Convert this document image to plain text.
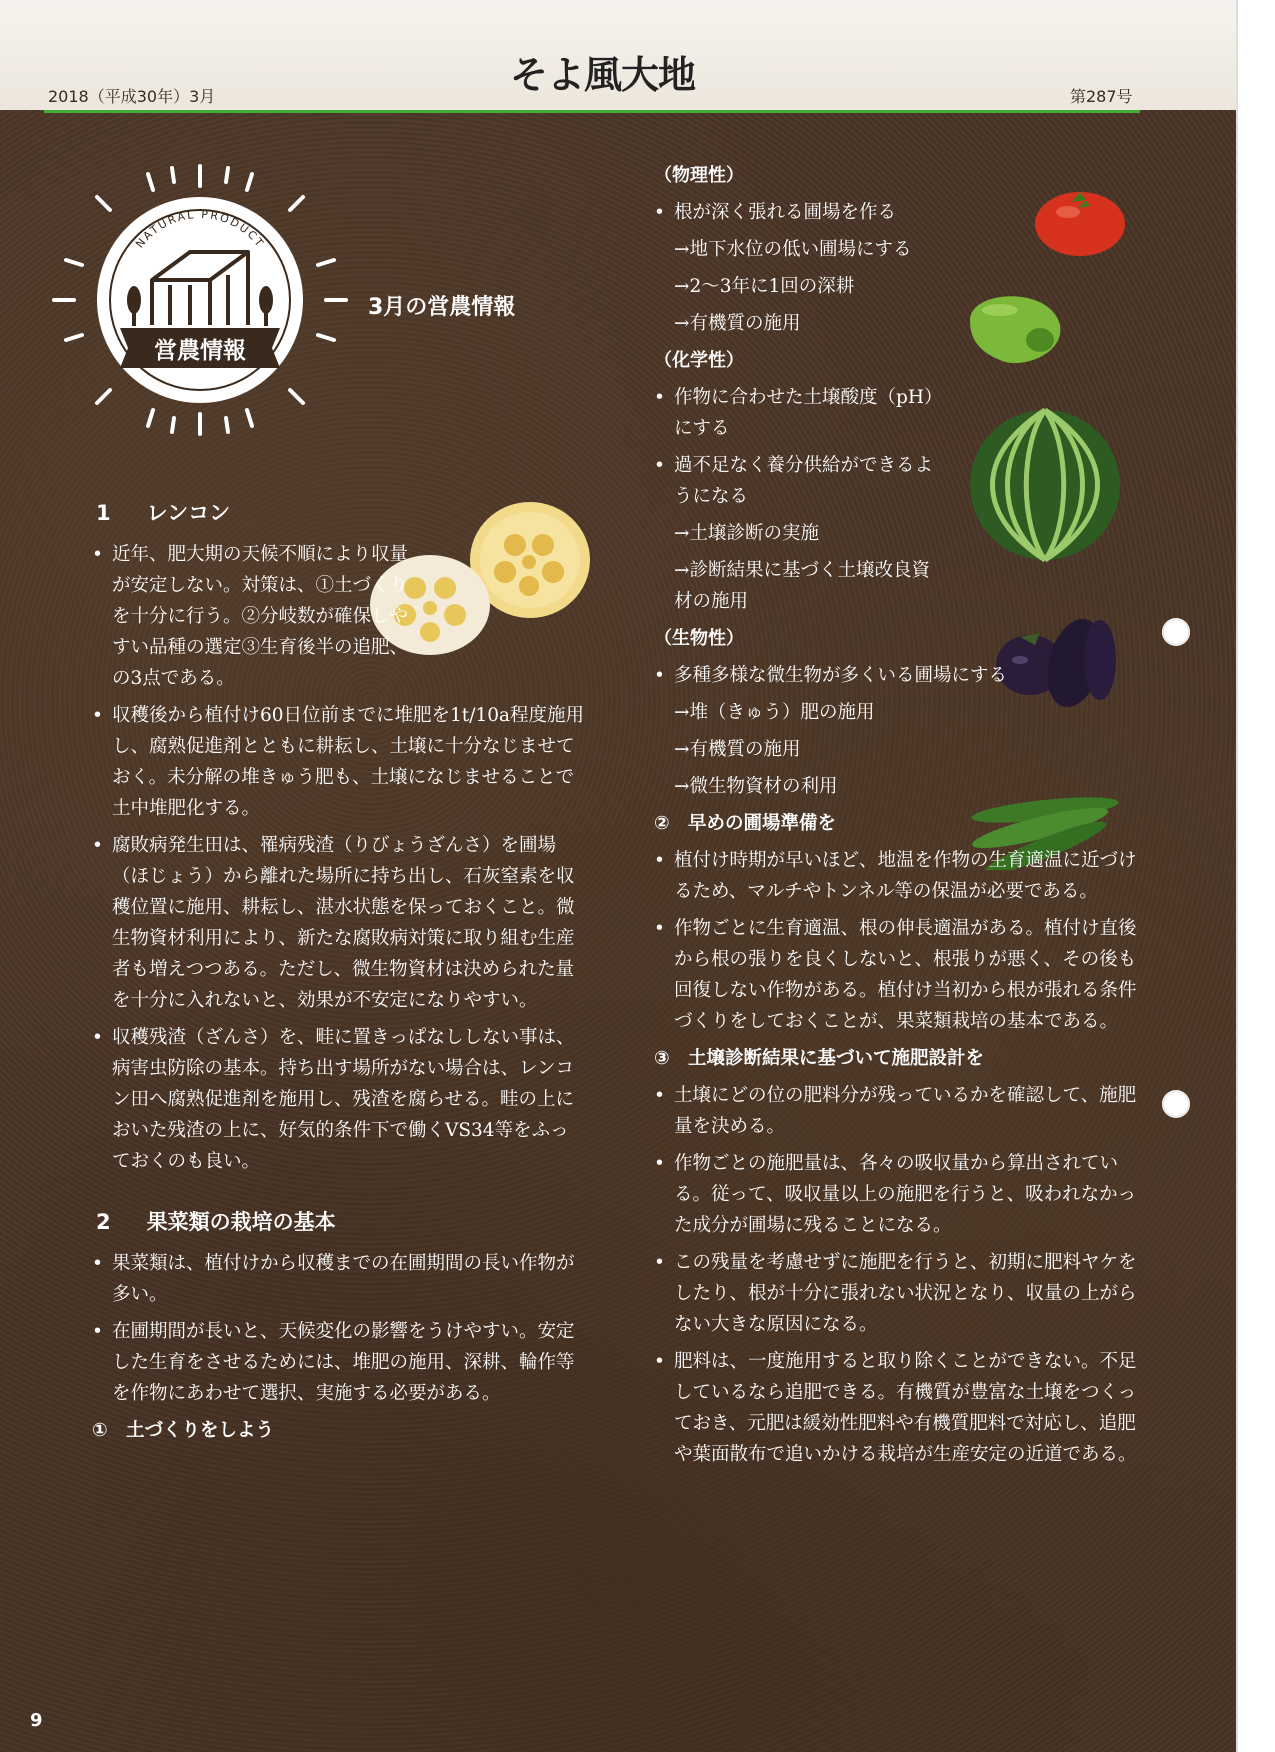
2018（平成30年）3月	そよ風大地	第287号
NATURAL PRODUCT
営農情報
3月の営農情報
1 レンコン

• 近年、肥大期の天候不順により収量が安定しない。対策は、①土づくりを十分に行う。②分岐数が確保しやすい品種の選定③生育後半の追肥、の3点である。

• 収穫後から植付け60日位前までに堆肥を1t/10a程度施用し、腐熟促進剤とともに耕耘し、土壌に十分なじませておく。未分解の堆きゅう肥も、土壌になじませることで土中堆肥化する。

• 腐敗病発生田は、罹病残渣（りびょうざんさ）を圃場（ほじょう）から離れた場所に持ち出し、石灰窒素を収穫位置に施用、耕耘し、湛水状態を保っておくこと。微生物資材利用により、新たな腐敗病対策に取り組む生産者も増えつつある。ただし、微生物資材は決められた量を十分に入れないと、効果が不安定になりやすい。

• 収穫残渣（ざんさ）を、畦に置きっぱなししない事は、病害虫防除の基本。持ち出す場所がない場合は、レンコン田へ腐熟促進剤を施用し、残渣を腐らせる。畦の上においた残渣の上に、好気的条件下で働くVS34等をふっておくのも良い。

2 果菜類の栽培の基本

• 果菜類は、植付けから収穫までの在圃期間の長い作物が多い。

• 在圃期間が長いと、天候変化の影響をうけやすい。安定した生育をさせるためには、堆肥の施用、深耕、輪作等を作物にあわせて選択、実施する必要がある。

① 土づくりをしよう

（物理性）

• 根が深く張れる圃場を作る

→地下水位の低い圃場にする

→2～3年に1回の深耕

→有機質の施用

（化学性）

• 作物に合わせた土壌酸度（pH）にする

• 過不足なく養分供給ができるようになる

→土壌診断の実施

→診断結果に基づく土壌改良資材の施用

（生物性）

• 多種多様な微生物が多くいる圃場にする

→堆（きゅう）肥の施用

→有機質の施用

→微生物資材の利用

② 早めの圃場準備を

• 植付け時期が早いほど、地温を作物の生育適温に近づけるため、マルチやトンネル等の保温が必要である。

• 作物ごとに生育適温、根の伸長適温がある。植付け直後から根の張りを良くしないと、根張りが悪く、その後も回復しない作物がある。植付け当初から根が張れる条件づくりをしておくことが、果菜類栽培の基本である。

③ 土壌診断結果に基づいて施肥設計を

• 土壌にどの位の肥料分が残っているかを確認して、施肥量を決める。

• 作物ごとの施肥量は、各々の吸収量から算出されている。従って、吸収量以上の施肥を行うと、吸われなかった成分が圃場に残ることになる。

• この残量を考慮せずに施肥を行うと、初期に肥料ヤケをしたり、根が十分に張れない状況となり、収量の上がらない大きな原因になる。

• 肥料は、一度施用すると取り除くことができない。不足しているなら追肥できる。有機質が豊富な土壌をつくっておき、元肥は緩効性肥料や有機質肥料で対応し、追肥や葉面散布で追いかける栽培が生産安定の近道である。

9
